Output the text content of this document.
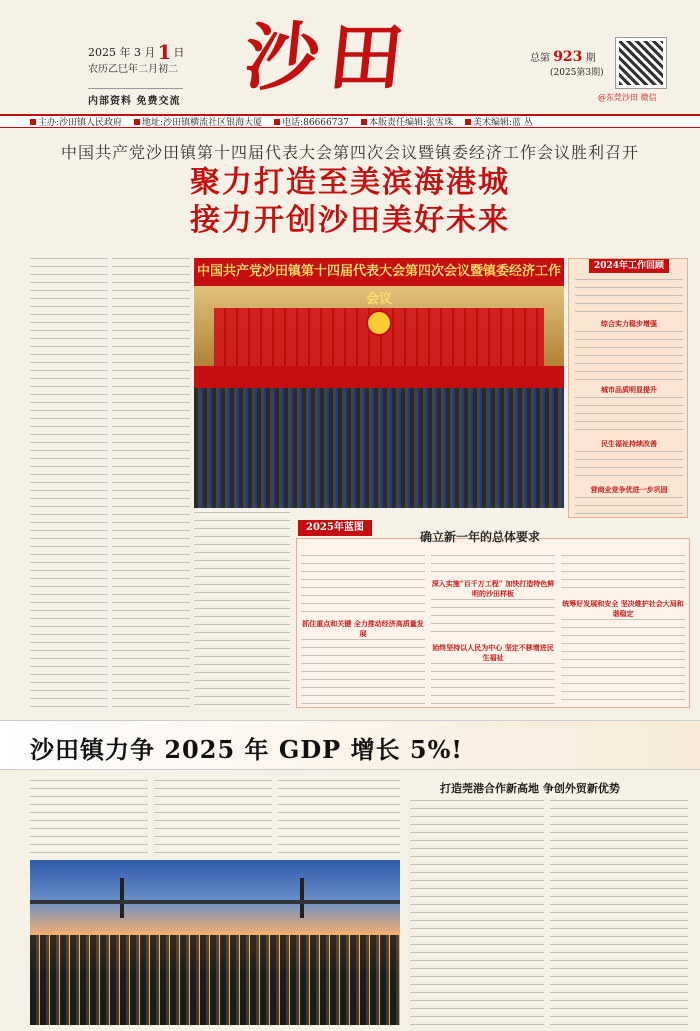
2025 年 3 月 1 日
农历乙巳年二月初二
内部资料 免费交流
沙田	总第 923 期
(2025第3期)
@东莞沙田 微信
主办:沙田镇人民政府	地址:沙田镇横流社区银海大厦	电话:86666737	本版责任编辑:张雪珠	美术编辑:蓝 丛
中国共产党沙田镇第十四届代表大会第四次会议暨镇委经济工作会议胜利召开
聚力打造至美滨海港城
接力开创沙田美好未来
中国共产党沙田镇第十四届代表大会第四次会议暨镇委经济工作会议
2024年工作回顾
综合实力稳步增强
城市品质明显提升
民生福祉持续改善
营商业竞争优进一步巩固
抓住重点和关键 全力推动经济高质量发展
深入实施“百千万工程” 加快打造特色鲜明的沙田样板
始终坚持以人民为中心 坚定不移增进民生福祉
统筹好发展和安全 坚决维护社会大局和谐稳定
2025年蓝图
确立新一年的总体要求
沙田镇力争 2025 年 GDP 增长 5%!
打造莞港合作新高地 争创外贸新优势
